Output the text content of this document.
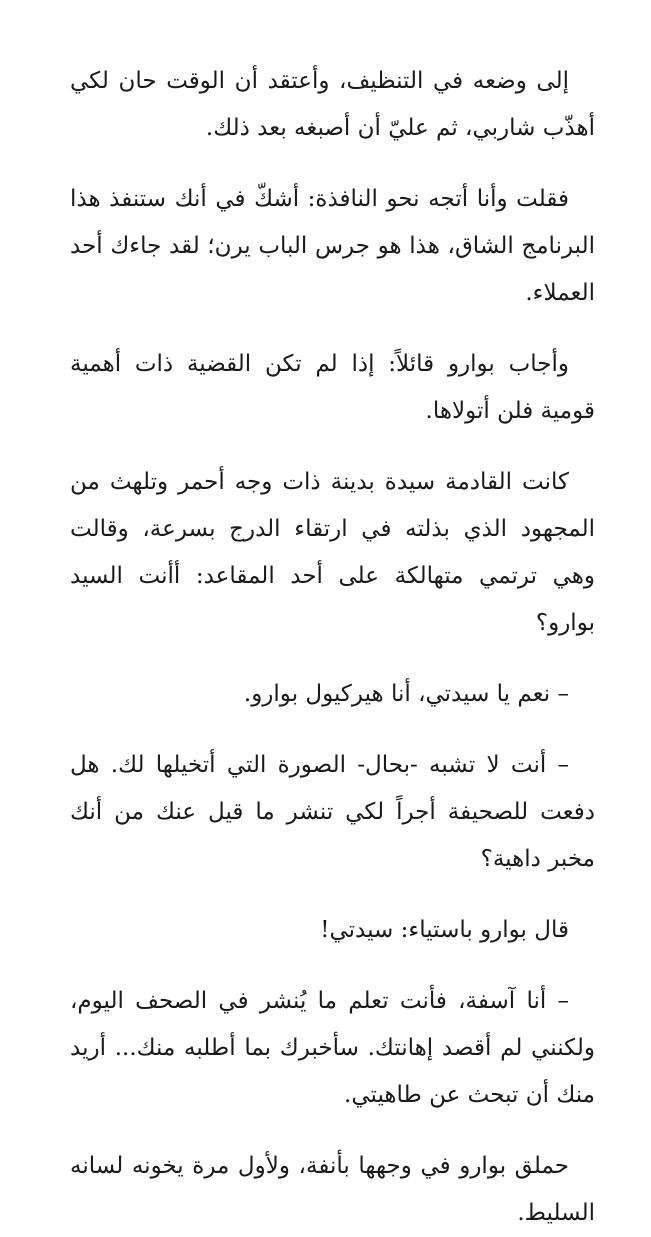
إلى وضعه في التنظيف، وأعتقد أن الوقت حان لكي أهذّب شاربي، ثم عليّ أن أصبغه بعد ذلك.

فقلت وأنا أتجه نحو النافذة: أشكّ في أنك ستنفذ هذا البرنامج الشاق، هذا هو جرس الباب يرن؛ لقد جاءك أحد العملاء.

وأجاب بوارو قائلاً: إذا لم تكن القضية ذات أهمية قومية فلن أتولاها.

كانت القادمة سيدة بدينة ذات وجه أحمر وتلهث من المجهود الذي بذلته في ارتقاء الدرج بسرعة، وقالت وهي ترتمي متهالكة على أحد المقاعد: أأنت السيد بوارو؟

– نعم يا سيدتي، أنا هيركيول بوارو.

– أنت لا تشبه -بحال- الصورة التي أتخيلها لك. هل دفعت للصحيفة أجراً لكي تنشر ما قيل عنك من أنك مخبر داهية؟

قال بوارو باستياء: سيدتي!

– أنا آسفة، فأنت تعلم ما يُنشر في الصحف اليوم، ولكنني لم أقصد إهانتك. سأخبرك بما أطلبه منك... أريد منك أن تبحث عن طاهيتي.

حملق بوارو في وجهها بأنفة، ولأول مرة يخونه لسانه السليط.
